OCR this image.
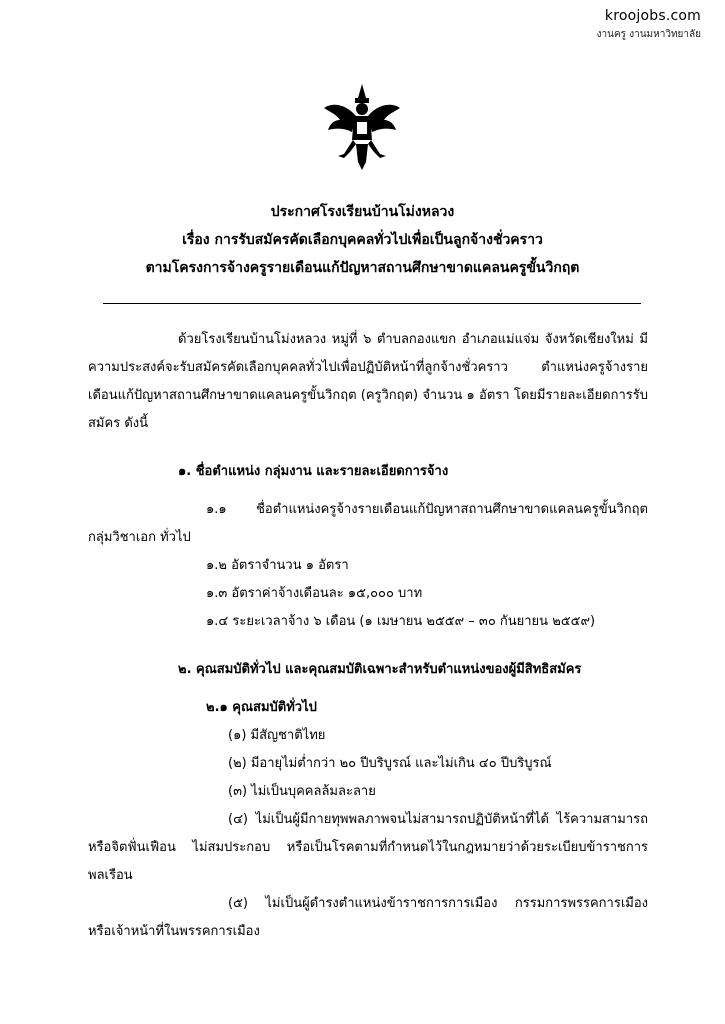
kroojobs.com
งานครู งานมหาวิทยาลัย
ประกาศโรงเรียนบ้านโม่งหลวง
เรื่อง การรับสมัครคัดเลือกบุคคลทั่วไปเพื่อเป็นลูกจ้างชั่วคราว
ตามโครงการจ้างครูรายเดือนแก้ปัญหาสถานศึกษาขาดแคลนครูขั้นวิกฤต
ด้วยโรงเรียนบ้านโม่งหลวง หมู่ที่ ๖ ตำบลกองแขก อำเภอแม่แจ่ม จังหวัดเชียงใหม่ มีความประสงค์จะรับสมัครคัดเลือกบุคคลทั่วไปเพื่อปฏิบัติหน้าที่ลูกจ้างชั่วคราว ตำแหน่งครูจ้างรายเดือนแก้ปัญหาสถานศึกษาขาดแคลนครูขั้นวิกฤต (ครูวิกฤต) จำนวน ๑ อัตรา โดยมีรายละเอียดการรับสมัคร ดังนี้
๑. ชื่อตำแหน่ง กลุ่มงาน และรายละเอียดการจ้าง
๑.๑ ชื่อตำแหน่งครูจ้างรายเดือนแก้ปัญหาสถานศึกษาขาดแคลนครูขั้นวิกฤต กลุ่มวิชาเอก ทั่วไป
๑.๒ อัตราจำนวน ๑ อัตรา
๑.๓ อัตราค่าจ้างเดือนละ ๑๕,๐๐๐ บาท
๑.๔ ระยะเวลาจ้าง ๖ เดือน (๑ เมษายน ๒๕๕๙ – ๓๐ กันยายน ๒๕๕๙)
๒. คุณสมบัติทั่วไป และคุณสมบัติเฉพาะสำหรับตำแหน่งของผู้มีสิทธิสมัคร
๒.๑ คุณสมบัติทั่วไป
(๑) มีสัญชาติไทย
(๒) มีอายุไม่ต่ำกว่า ๒๐ ปีบริบูรณ์ และไม่เกิน ๔๐ ปีบริบูรณ์
(๓) ไม่เป็นบุคคลล้มละลาย
(๔) ไม่เป็นผู้มีกายทุพพลภาพจนไม่สามารถปฏิบัติหน้าที่ได้ ไร้ความสามารถ หรือจิตฟั่นเฟือน ไม่สมประกอบ หรือเป็นโรคตามที่กำหนดไว้ในกฎหมายว่าด้วยระเบียบข้าราชการพลเรือน
(๕) ไม่เป็นผู้ดำรงตำแหน่งข้าราชการการเมือง กรรมการพรรคการเมือง หรือเจ้าหน้าที่ในพรรคการเมือง
